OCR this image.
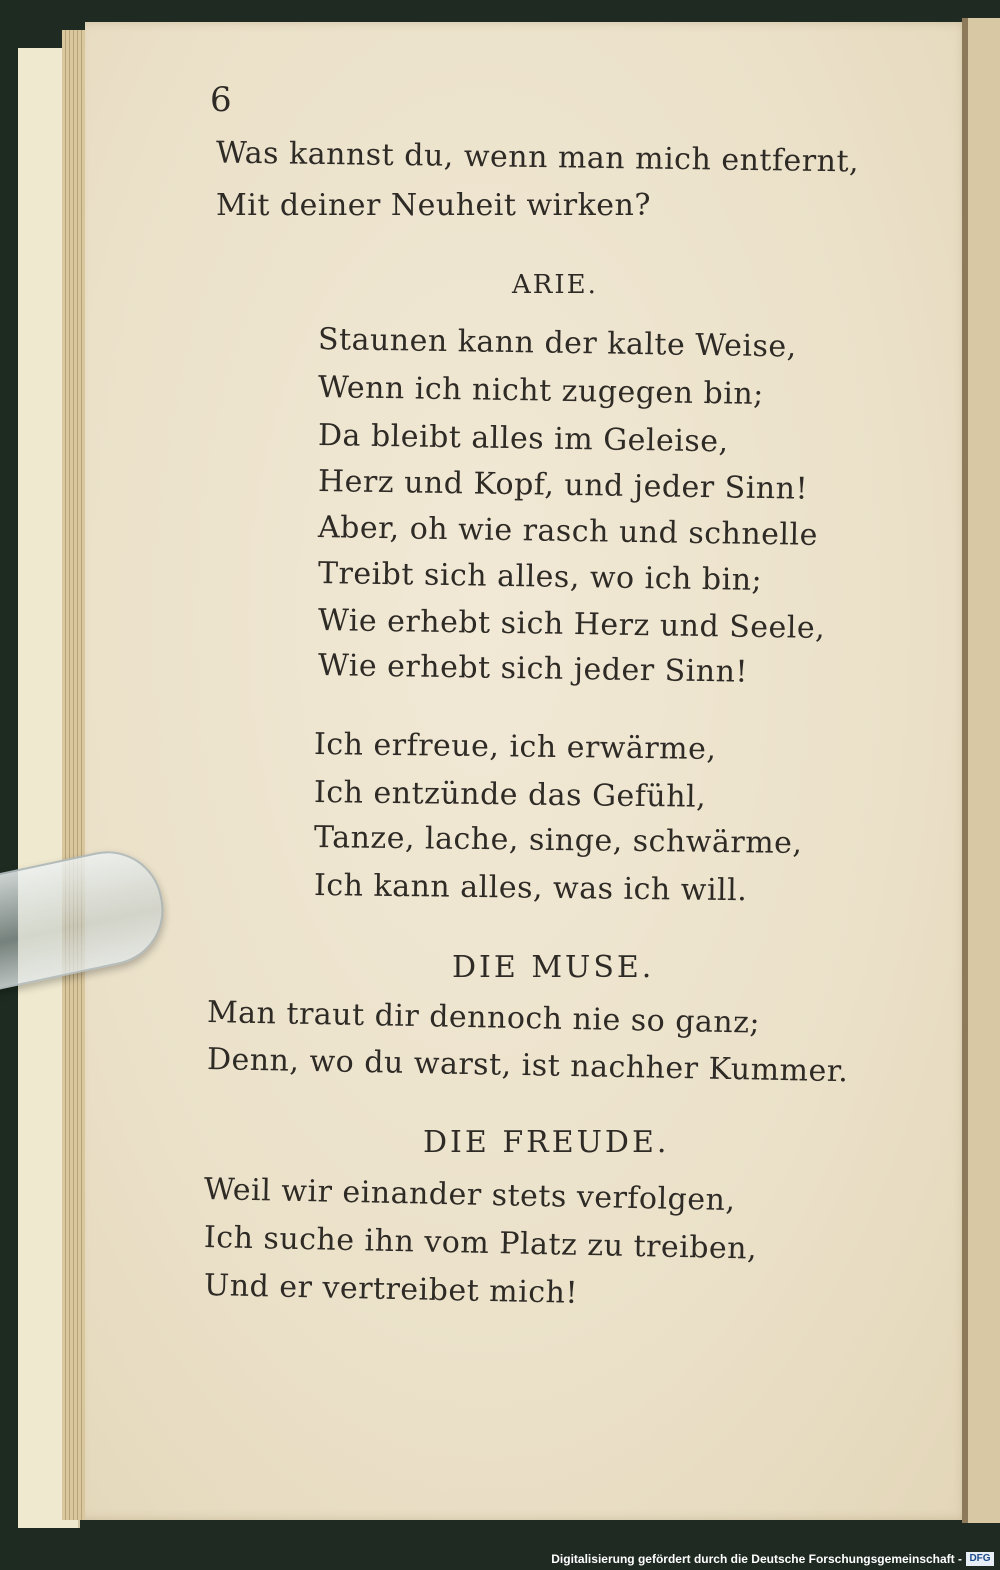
6
Was kannst du, wenn man mich entfernt,
Mit deiner Neuheit wirken?
ARIE.
Staunen kann der kalte Weise,
Wenn ich nicht zugegen bin;
Da bleibt alles im Geleise,
Herz und Kopf, und jeder Sinn!
Aber, oh wie rasch und schnelle
Treibt sich alles, wo ich bin;
Wie erhebt sich Herz und Seele,
Wie erhebt sich jeder Sinn!
Ich erfreue, ich erwärme,
Ich entzünde das Gefühl,
Tanze, lache, singe, schwärme,
Ich kann alles, was ich will.
DIE MUSE.
Man traut dir dennoch nie so ganz;
Denn, wo du warst, ist nachher Kummer.
DIE FREUDE.
Weil wir einander stets verfolgen,
Ich suche ihn vom Platz zu treiben,
Und er vertreibet mich!
Digitalisierung gefördert durch die Deutsche Forschungsgemeinschaft - DFG
